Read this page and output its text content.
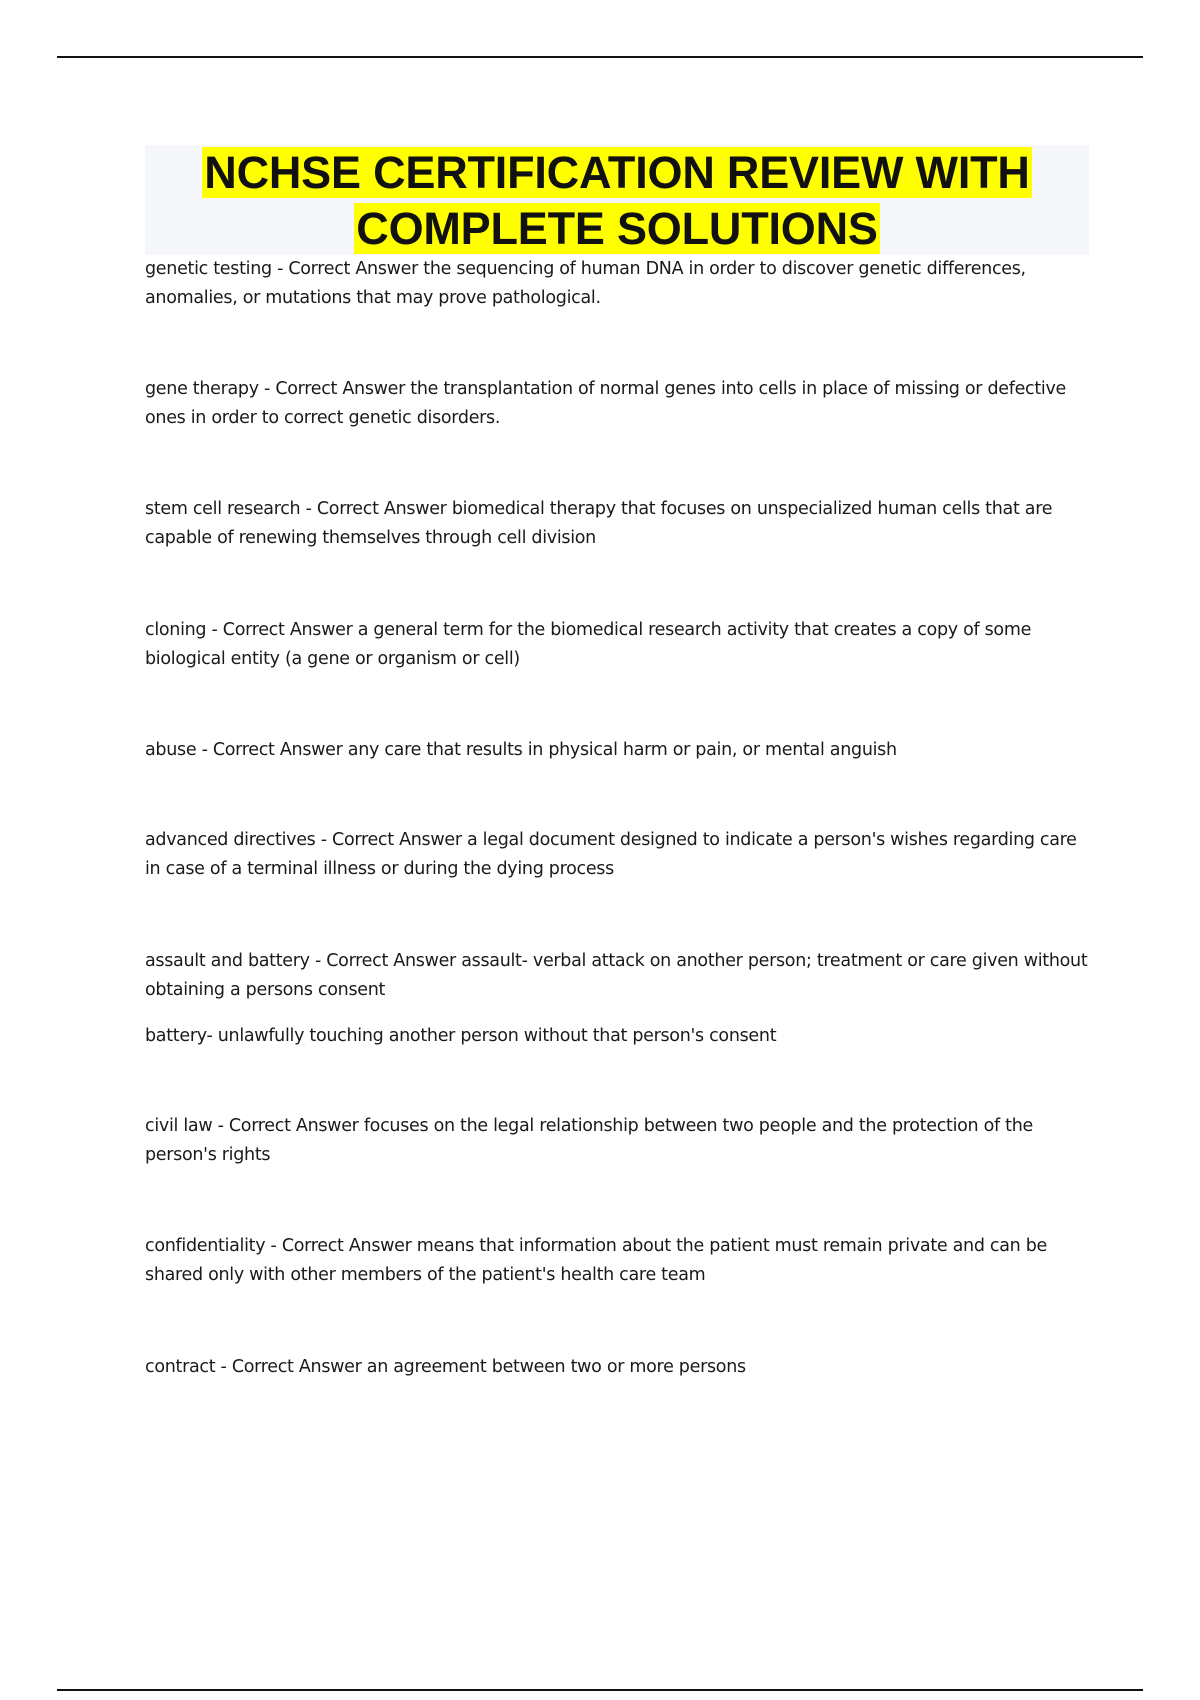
NCHSE CERTIFICATION REVIEW WITH
COMPLETE SOLUTIONS
genetic testing - Correct Answer the sequencing of human DNA in order to discover genetic differences, anomalies, or mutations that may prove pathological.
gene therapy - Correct Answer the transplantation of normal genes into cells in place of missing or defective ones in order to correct genetic disorders.
stem cell research - Correct Answer biomedical therapy that focuses on unspecialized human cells that are capable of renewing themselves through cell division
cloning - Correct Answer a general term for the biomedical research activity that creates a copy of some biological entity (a gene or organism or cell)
abuse - Correct Answer any care that results in physical harm or pain, or mental anguish
advanced directives - Correct Answer a legal document designed to indicate a person's wishes regarding care in case of a terminal illness or during the dying process
assault and battery - Correct Answer assault- verbal attack on another person; treatment or care given without obtaining a persons consent
battery- unlawfully touching another person without that person's consent
civil law - Correct Answer focuses on the legal relationship between two people and the protection of the person's rights
confidentiality - Correct Answer means that information about the patient must remain private and can be shared only with other members of the patient's health care team
contract - Correct Answer an agreement between two or more persons
